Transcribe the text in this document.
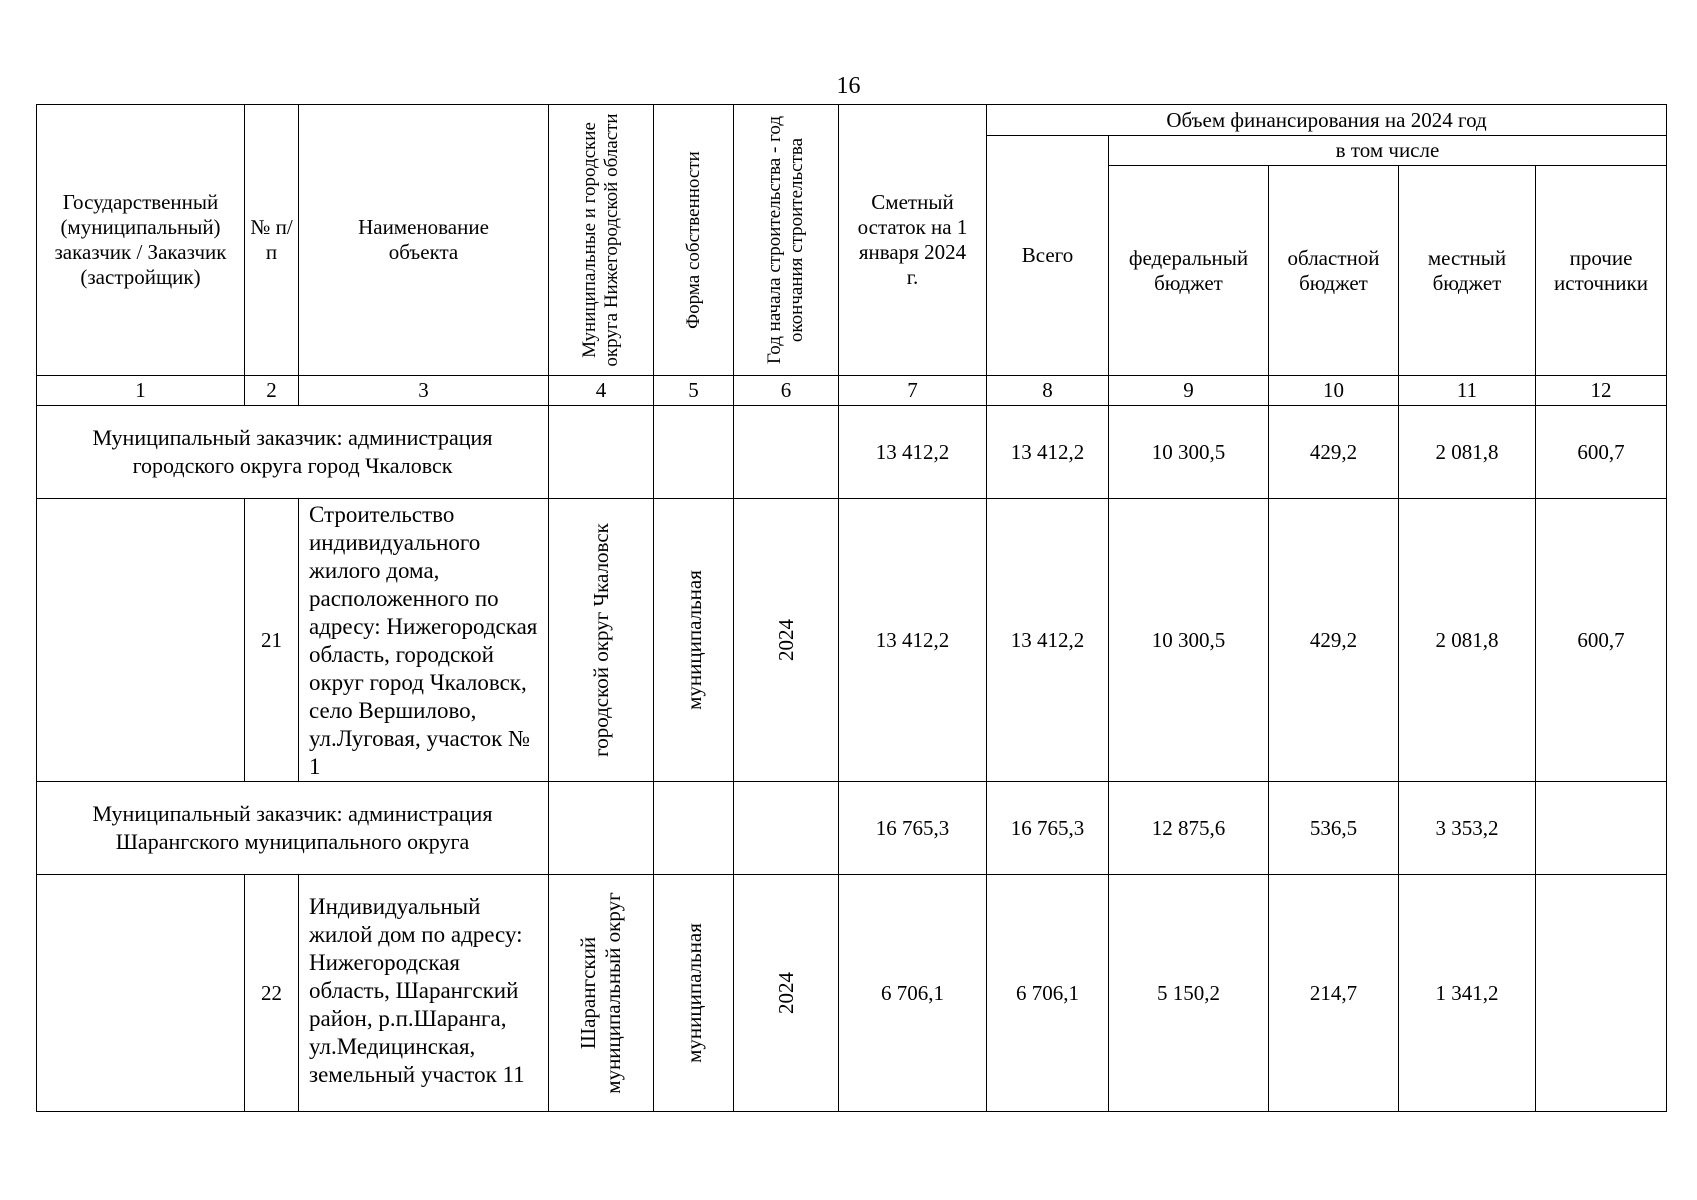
16
Государственный (муниципальный) заказчик / Заказчик (застройщик)	№ п/п	Наименование объекта	Муниципальные и городские округа Нижегородской области	Форма собственности	Год начала строительства - год окончания строительства	Сметный остаток на 1 января 2024 г.	Объем финансирования на 2024 год				
							Всего	в том числе			

								федеральный бюджет	областной бюджет	местный бюджет	прочие источники

1	2	3	4	5	6	7	8	9	10	11	12

Муниципальный заказчик: администрация городского округа город Чкаловск						13 412,2	13 412,2	10 300,5	429,2	2 081,8	600,7
	21	Строительство индивидуального жилого дома, расположенного по адресу: Нижегородская область, городской округ город Чкаловск, село Вершилово, ул.Луговая, участок № 1	городской округ Чкаловск	муниципальная	2024	13 412,2	13 412,2	10 300,5	429,2	2 081,8	600,7

Муниципальный заказчик: администрация Шарангского муниципального округа						16 765,3	16 765,3	12 875,6	536,5	3 353,2	
	22	Индивидуальный жилой дом по адресу: Нижегородская область, Шарангский район, р.п.Шаранга, ул.Медицинская, земельный участок 11	Шарангский муниципальный округ	муниципальная	2024	6 706,1	6 706,1	5 150,2	214,7	1 341,2	
